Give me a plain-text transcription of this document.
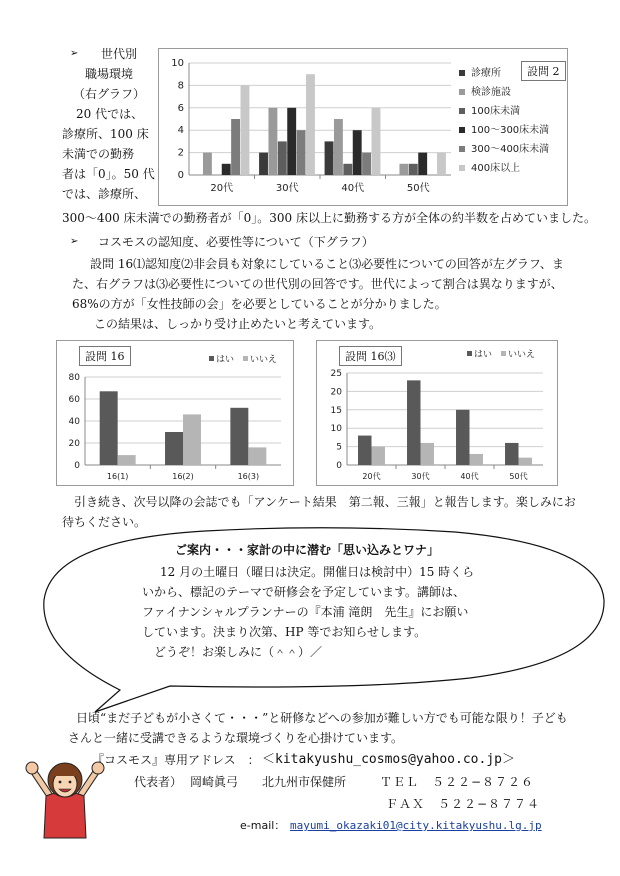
➢	世代別
職場環境
（右グラフ）
20 代では、
診療所、100 床
未満での勤務
者は「0」。50 代
では、診療所、
300〜400 床未満での勤務者が「0」。300 床以上に勤務する方が全体の約半数を占めていました。
0
2
4
6
8
10
20代	30代	40代	50代
診療所
検診施設
100床未満
100〜300床未満
300〜400床未満
400床以上
設問 2
➢ コスモスの認知度、必要性等について（下グラフ）
設問 16⑴認知度⑵非会員も対象にしていること⑶必要性についての回答が左グラフ、ま
た、右グラフは⑶必要性についての世代別の回答です。世代によって割合は異なりますが、
68%の方が「女性技師の会」を必要としていることが分かりました。
この結果は、しっかり受け止めたいと考えています。
0
20
40
60
80
16(1)	16(2)	16(3)
はい いいえ
設問 16
0
5
10
15
20
25
20代	30代	40代	50代
はい いいえ
設問 16⑶
引き続き、次号以降の会誌でも「アンケート結果　第二報、三報」と報告します。楽しみにお
待ちください。
ご案内・・・家計の中に潜む「思い込みとワナ」
12 月の土曜日（曜日は決定。開催日は検討中）15 時くら
いから、標記のテーマで研修会を予定しています。講師は、
ファイナンシャルプランナーの『本浦 滝朗　先生』にお願い
しています。決まり次第、HP 等でお知らせします。
どうぞ！お楽しみに（＾＾）／
日頃“まだ子どもが小さくて・・・”と研修などへの参加が難しい方でも可能な限り！子ども
さんと一緒に受講できるような環境づくりを心掛けています。
『コスモス』専用アドレス　： ＜kitakyushu_cosmos@yahoo.co.jp＞
代表者） 岡崎眞弓 北九州市保健所	ＴＥＬ　５２２−８７２６
ＦＡＸ　５２２−８７７４
e-mail： mayumi_okazaki01@city.kitakyushu.lg.jp
